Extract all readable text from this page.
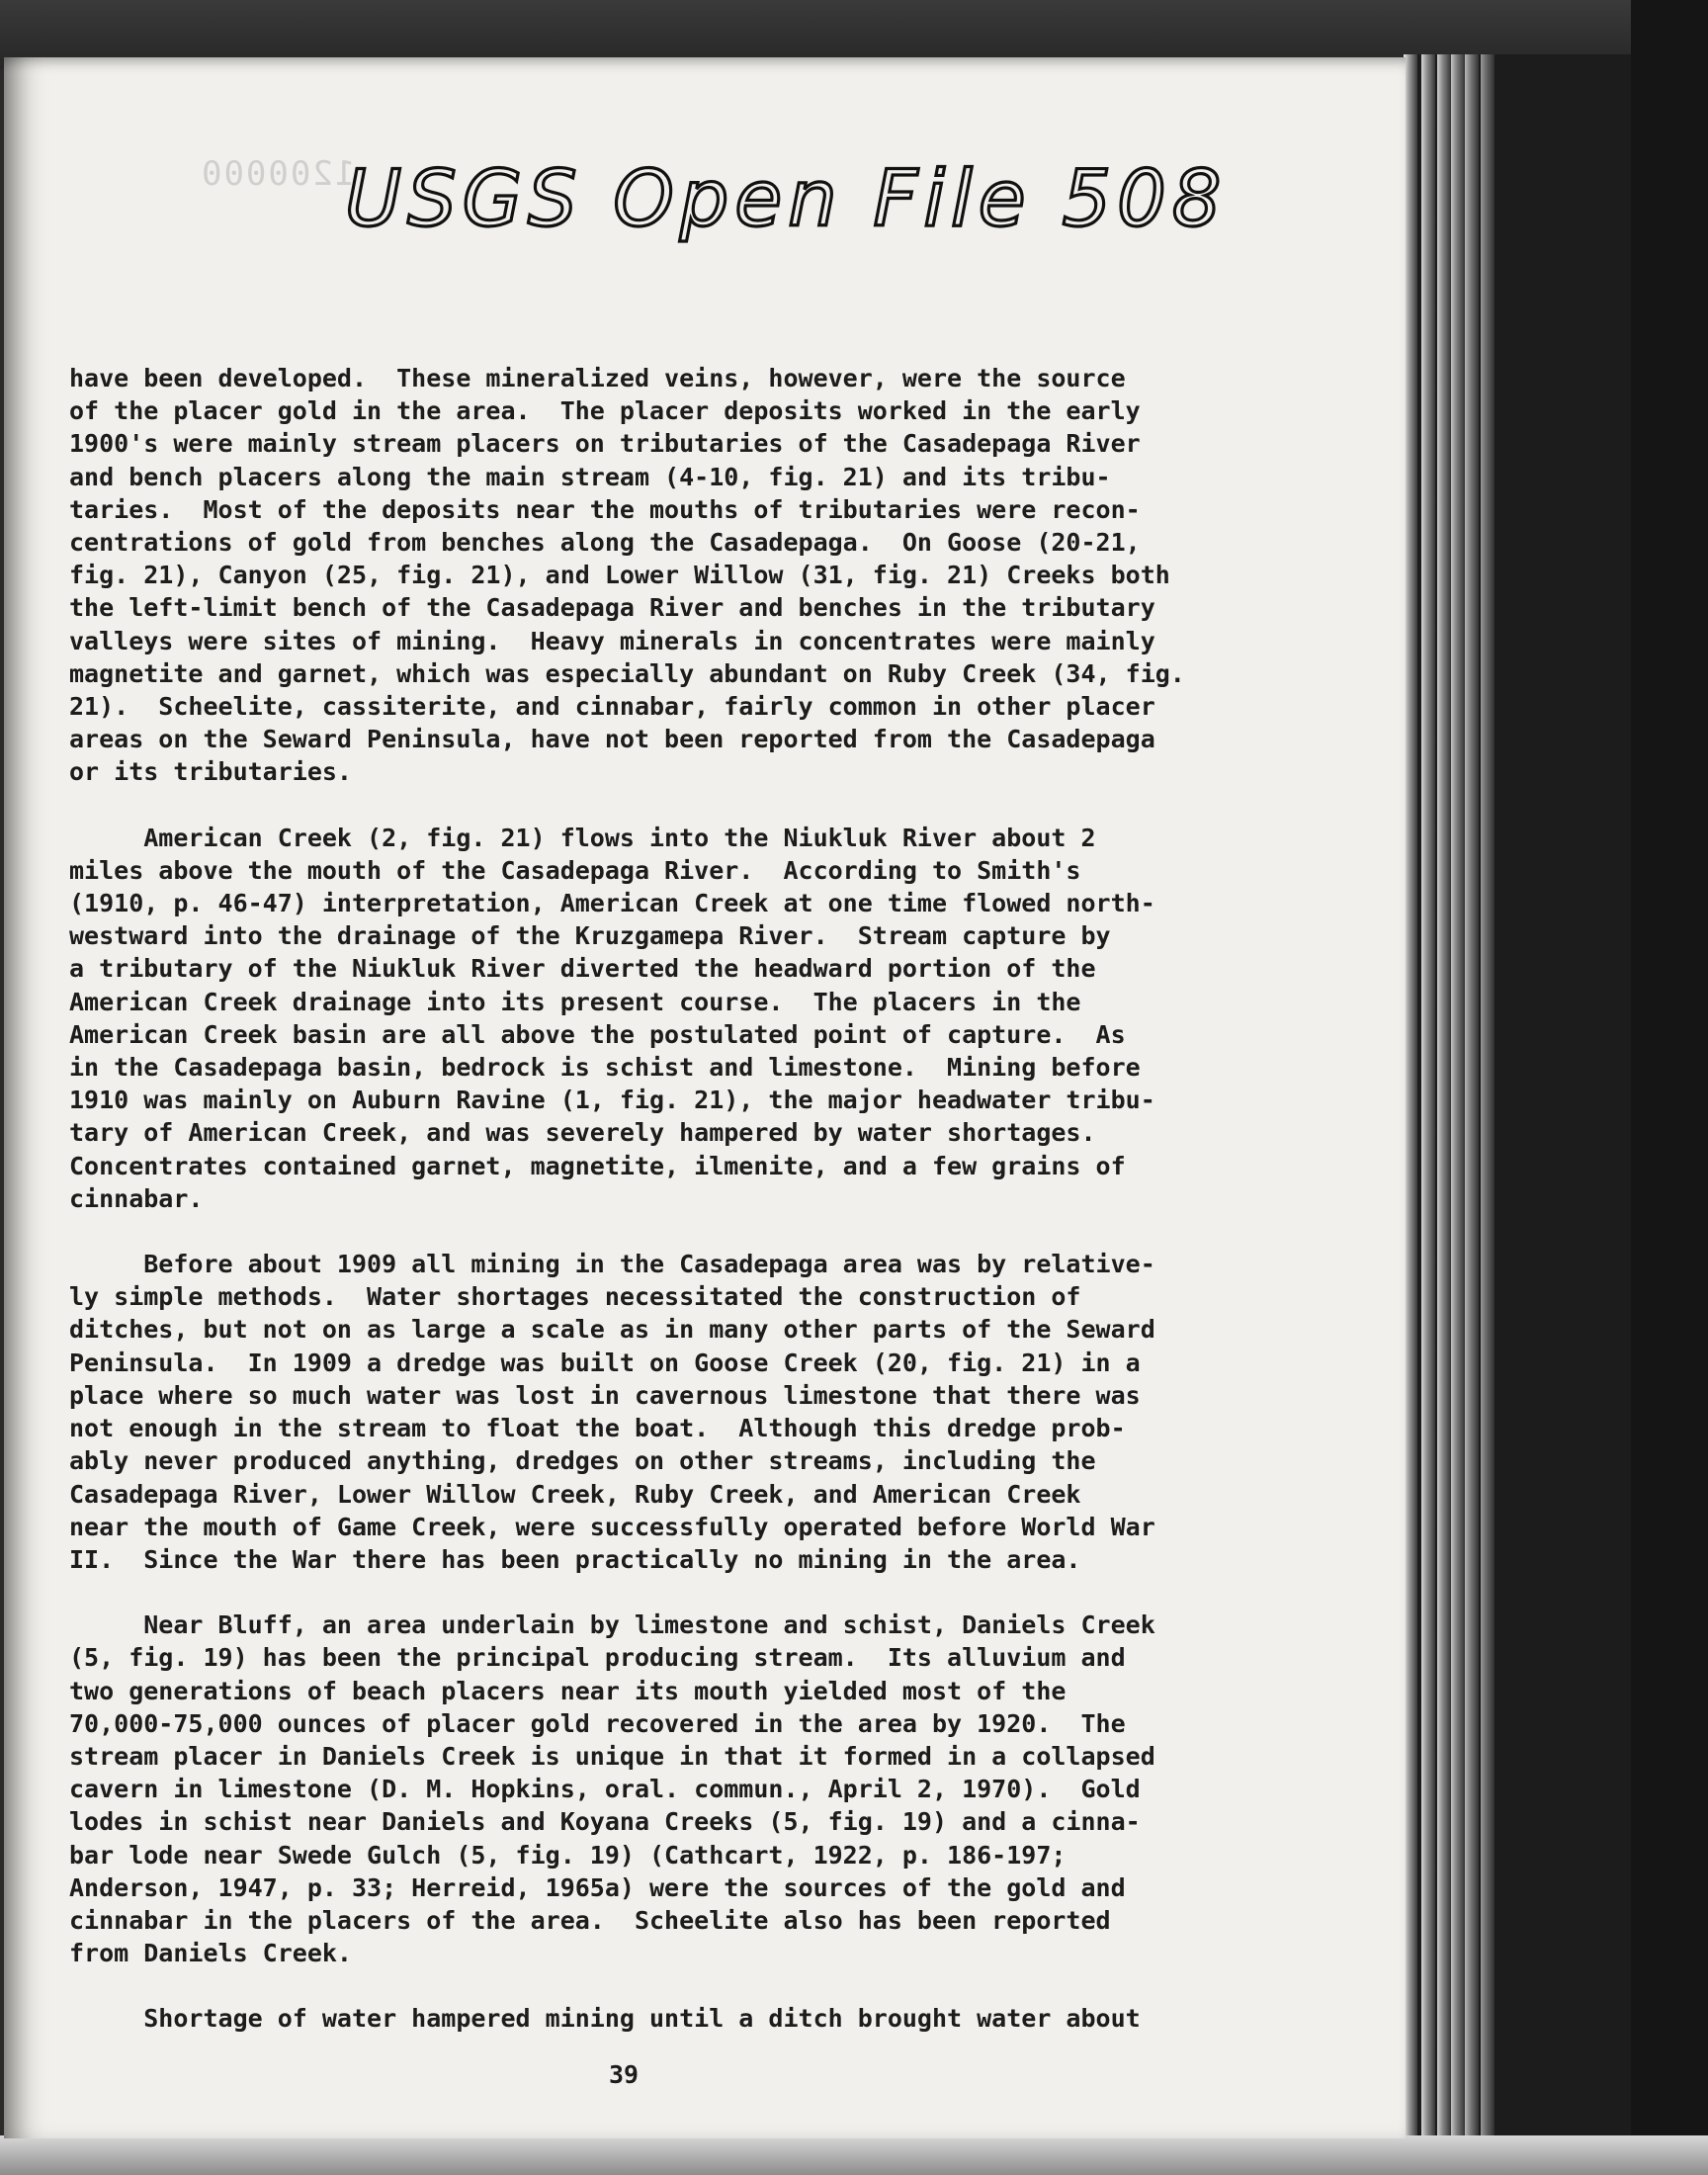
1200000
USGS Open File 508
have been developed.  These mineralized veins, however, were the source
of the placer gold in the area.  The placer deposits worked in the early
1900's were mainly stream placers on tributaries of the Casadepaga River
and bench placers along the main stream (4-10, fig. 21) and its tribu-
taries.  Most of the deposits near the mouths of tributaries were recon-
centrations of gold from benches along the Casadepaga.  On Goose (20-21,
fig. 21), Canyon (25, fig. 21), and Lower Willow (31, fig. 21) Creeks both
the left-limit bench of the Casadepaga River and benches in the tributary
valleys were sites of mining.  Heavy minerals in concentrates were mainly
magnetite and garnet, which was especially abundant on Ruby Creek (34, fig.
21).  Scheelite, cassiterite, and cinnabar, fairly common in other placer
areas on the Seward Peninsula, have not been reported from the Casadepaga
or its tributaries.
American Creek (2, fig. 21) flows into the Niukluk River about 2
miles above the mouth of the Casadepaga River.  According to Smith's
(1910, p. 46-47) interpretation, American Creek at one time flowed north-
westward into the drainage of the Kruzgamepa River.  Stream capture by
a tributary of the Niukluk River diverted the headward portion of the
American Creek drainage into its present course.  The placers in the
American Creek basin are all above the postulated point of capture.  As
in the Casadepaga basin, bedrock is schist and limestone.  Mining before
1910 was mainly on Auburn Ravine (1, fig. 21), the major headwater tribu-
tary of American Creek, and was severely hampered by water shortages.
Concentrates contained garnet, magnetite, ilmenite, and a few grains of
cinnabar.
Before about 1909 all mining in the Casadepaga area was by relative-
ly simple methods.  Water shortages necessitated the construction of
ditches, but not on as large a scale as in many other parts of the Seward
Peninsula.  In 1909 a dredge was built on Goose Creek (20, fig. 21) in a
place where so much water was lost in cavernous limestone that there was
not enough in the stream to float the boat.  Although this dredge prob-
ably never produced anything, dredges on other streams, including the
Casadepaga River, Lower Willow Creek, Ruby Creek, and American Creek
near the mouth of Game Creek, were successfully operated before World War
II.  Since the War there has been practically no mining in the area.
Near Bluff, an area underlain by limestone and schist, Daniels Creek
(5, fig. 19) has been the principal producing stream.  Its alluvium and
two generations of beach placers near its mouth yielded most of the
70,000-75,000 ounces of placer gold recovered in the area by 1920.  The
stream placer in Daniels Creek is unique in that it formed in a collapsed
cavern in limestone (D. M. Hopkins, oral. commun., April 2, 1970).  Gold
lodes in schist near Daniels and Koyana Creeks (5, fig. 19) and a cinna-
bar lode near Swede Gulch (5, fig. 19) (Cathcart, 1922, p. 186-197;
Anderson, 1947, p. 33; Herreid, 1965a) were the sources of the gold and
cinnabar in the placers of the area.  Scheelite also has been reported
from Daniels Creek.
Shortage of water hampered mining until a ditch brought water about
39
